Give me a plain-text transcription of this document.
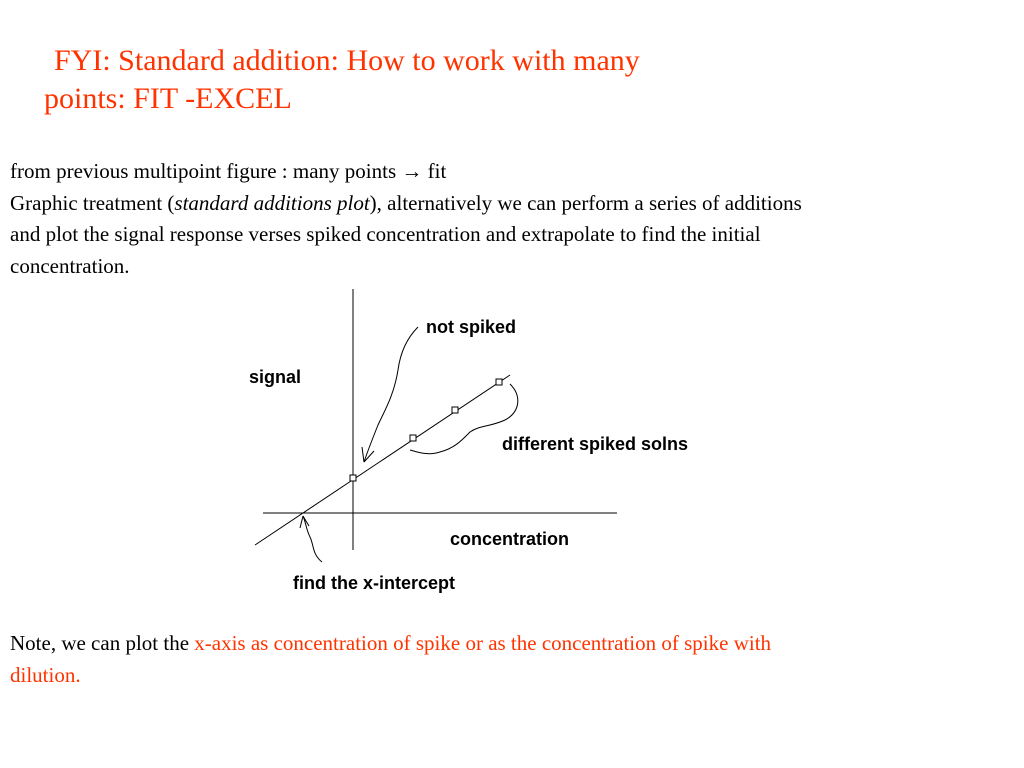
FYI: Standard addition: How to work with many
points: FIT -EXCEL
from previous multipoint figure : many points → fit
Graphic treatment (standard additions plot), alternatively we can perform a series of additions
and plot the signal response verses spiked concentration and extrapolate to find the initial
concentration.
signal
not spiked
different spiked solns
concentration
find the x-intercept
Note, we can plot the x-axis as concentration of spike or as the concentration of spike with
dilution.
